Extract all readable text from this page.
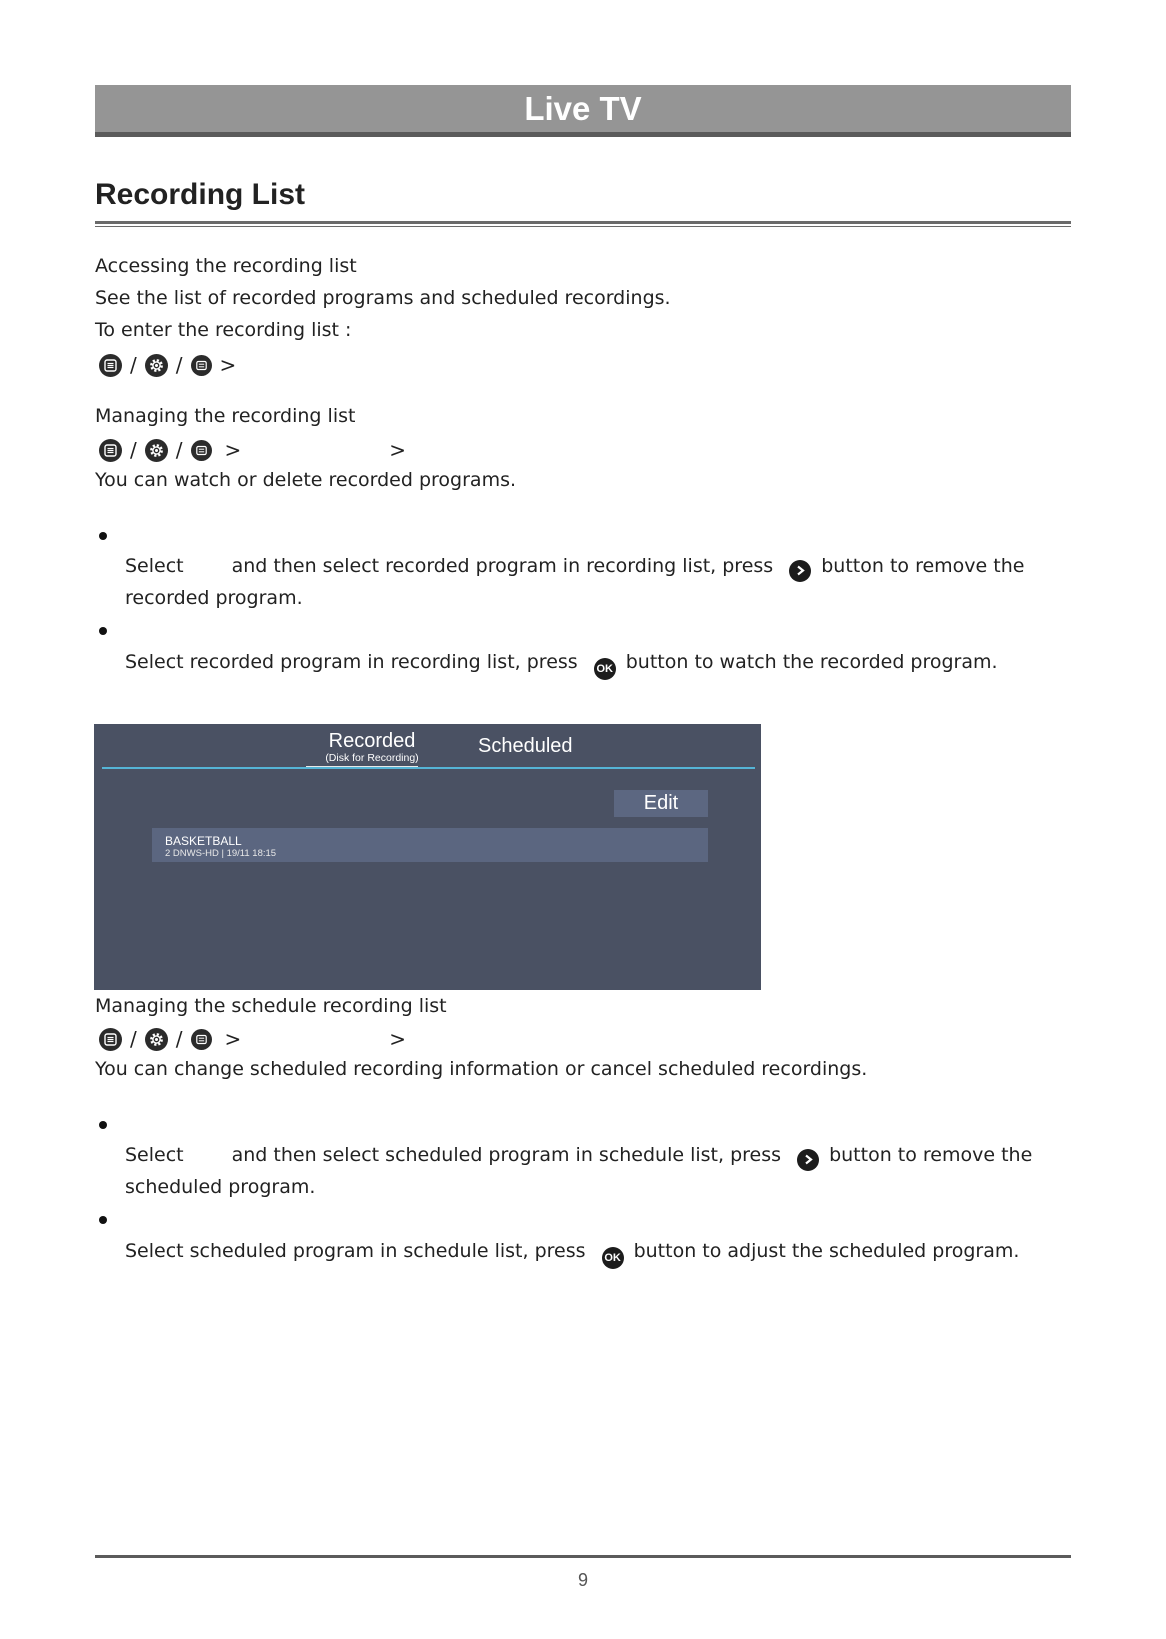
Live TV
Recording List
Accessing the recording list
See the list of recorded programs and scheduled recordings.
To enter the recording list :
/ / >
Managing the recording list
/ / >	>
You can watch or delete recorded programs.
Select	and then select recorded program in recording list, press	button to remove the
recorded program.
Select recorded program in recording list, press OK button to watch the recorded program.
Recorded
(Disk for Recording)
Scheduled
Edit
BASKETBALL
2 DNWS-HD | 19/11 18:15
Managing the schedule recording list
/ / >	>
You can change scheduled recording information or cancel scheduled recordings.
Select	and then select scheduled program in schedule list, press	button to remove the
scheduled program.
Select scheduled program in schedule list, press OK button to adjust the scheduled program.
9
